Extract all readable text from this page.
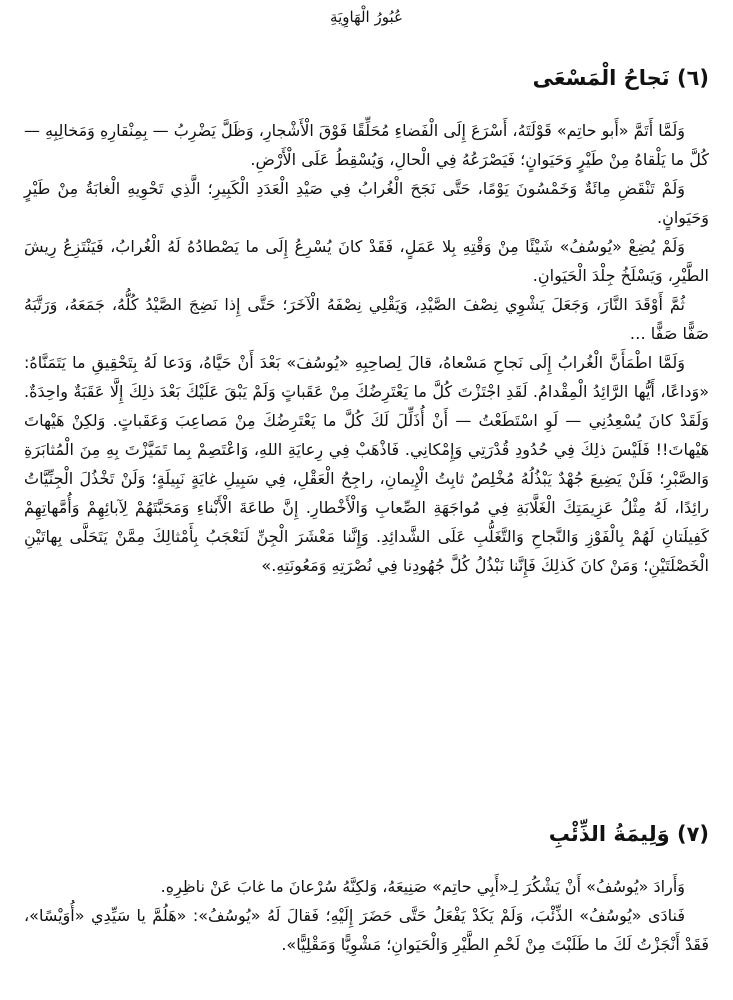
عُبُورُ الْهَاوِيَةِ
(٦) نَجاحُ الْمَسْعَى

وَلَمَّا أَتَمَّ «أَبو حاتِم» قَوْلَتَهُ، أَسْرَعَ إِلَى الْفَضاءِ مُحَلِّقًا فَوْقَ الْأَشْجارِ، وَظَلَّ يَضْرِبُ — بِمِنْقارِهِ وَمَخالِبِهِ — كُلَّ ما يَلْقاهُ مِنْ طَيْرٍ وَحَيَوانٍ؛ فَيَصْرَعُهُ فِي الْحالِ، وَيُسْقِطُ عَلَى الْأَرْضِ.

وَلَمْ تَنْقَضِ مِائَةٌ وَخَمْسُونَ يَوْمًا، حَتَّى نَجَحَ الْغُرابُ فِي صَيْدِ الْعَدَدِ الْكَبِيرِ؛ الَّذِي تَحْوِيهِ الْغابَةُ مِنْ طَيْرٍ وَحَيَوانٍ.

وَلَمْ يُضِعْ «يُوسُفُ» شَيْئًا مِنْ وَقْتِهِ بِلا عَمَلٍ، فَقَدْ كانَ يُسْرِعُ إِلَى ما يَصْطادُهُ لَهُ الْغُرابُ، فَيَنْتَزِعُ رِيشَ الطَّيْرِ، وَيَسْلَخُ جِلْدَ الْحَيَوانِ.

ثُمَّ أَوْقَدَ النَّارَ، وَجَعَلَ يَشْوِي نِصْفَ الصَّيْدِ، وَيَقْلِي نِصْفَهُ الْآخَرَ؛ حَتَّى إِذا نَضِجَ الصَّيْدُ كُلُّهُ، جَمَعَهُ، وَرَتَّبَهُ صَفًّا صَفًّا …

وَلَمَّا اطْمَأَنَّ الْغُرابُ إِلَى نَجاحِ مَسْعاهُ، قالَ لِصاحِبِهِ «يُوسُفَ» بَعْدَ أَنْ حَيَّاهُ، وَدَعا لَهُ بِتَحْقِيقِ ما يَتَمَنَّاهُ: «وَداعًا، أَيُّها الرَّائِدُ الْمِقْدامُ. لَقَدِ اجْتَزْتَ كُلَّ ما يَعْتَرِضُكَ مِنْ عَقَباتٍ وَلَمْ يَبْقَ عَلَيْكَ بَعْدَ ذلِكَ إِلَّا عَقَبَةٌ واحِدَةٌ. وَلَقَدْ كانَ يُسْعِدُنِي — لَوِ اسْتَطَعْتُ — أَنْ أُذَلِّلَ لَكَ كُلَّ ما يَعْتَرِضُكَ مِنْ مَصاعِبَ وَعَقَباتٍ. وَلكِنْ هَيْهاتَ هَيْهاتَ!! فَلَيْسَ ذلِكَ فِي حُدُودِ قُدْرَتِي وَإِمْكانِي. فَاذْهَبْ فِي رِعايَةِ اللهِ، وَاعْتَصِمْ بِما تَمَيَّزْتَ بِهِ مِنَ الْمُثابَرَةِ وَالصَّبْرِ؛ فَلَنْ يَضِيعَ جُهْدٌ يَبْذُلُهُ مُخْلِصٌ ثابِتُ الْإِيمانِ، راجِحُ الْعَقْلِ، فِي سَبِيلِ غايَةٍ نَبِيلَةٍ؛ وَلَنْ تَخْذُلَ الْجِنِّيَّاتُ رائِدًا، لَهُ مِثْلُ عَزِيمَتِكَ الْغَلَّابَةِ فِي مُواجَهَةِ الصِّعابِ وَالْأَخْطارِ. إِنَّ طاعَةَ الْأَبْناءِ وَمَحَبَّتَهُمْ لِآبائِهِمْ وَأُمَّهاتِهِمْ كَفِيلَتانِ لَهُمْ بِالْفَوْزِ وَالنَّجاحِ وَالتَّغَلُّبِ عَلَى الشَّدائِدِ. وَإِنَّنا مَعْشَرَ الْجِنِّ لَنَعْجَبُ بِأَمْثالِكَ مِمَّنْ يَتَحَلَّى بِهاتَيْنِ الْخَصْلَتَيْنِ؛ وَمَنْ كانَ كَذلِكَ فَإِنَّنا نَبْذُلُ كُلَّ جُهُودِنا فِي نُصْرَتِهِ وَمَعُونَتِهِ.»

(٧) وَلِيمَةُ الذِّئْبِ

وَأَرادَ «يُوسُفُ» أَنْ يَشْكُرَ لِـ«أَبِي حاتِم» صَنِيعَهُ، وَلكِنَّهُ سُرْعانَ ما غابَ عَنْ ناظِرِهِ.

فَنادَى «يُوسُفُ» الذِّئْبَ، وَلَمْ يَكَدْ يَفْعَلُ حَتَّى حَضَرَ إِلَيْهِ؛ فَقالَ لَهُ «يُوسُفُ»: «هَلُمَّ يا سَيِّدِي «أُوَيْسًا»، فَقَدْ أَنْجَزْتُ لَكَ ما طَلَبْتَ مِنْ لَحْمِ الطَّيْرِ وَالْحَيَوانِ؛ مَشْوِيًّا وَمَقْلِيًّا».
